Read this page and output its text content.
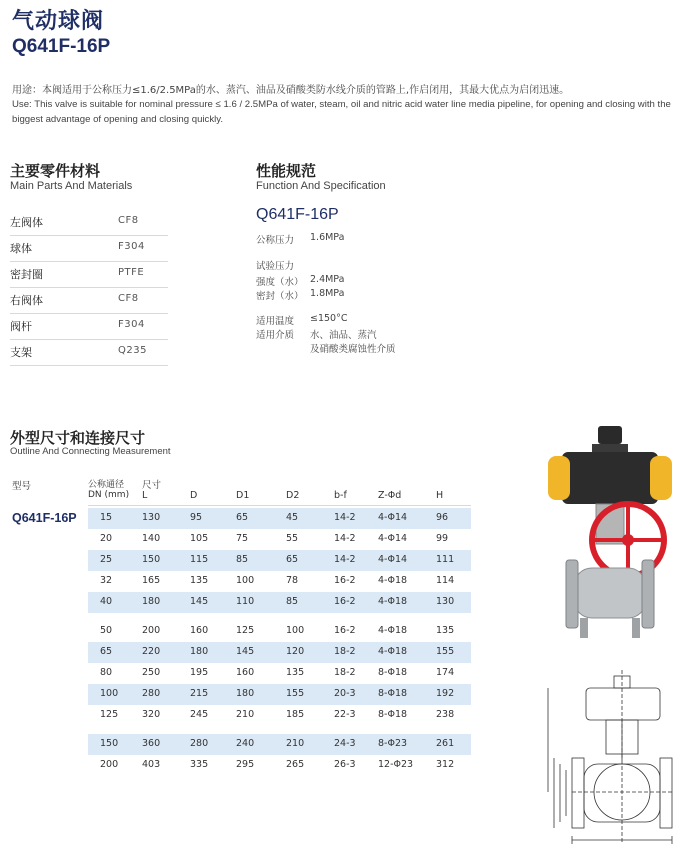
气动球阀
Q641F-16P
用途：本阀适用于公称压力≤1.6/2.5MPa的水、蒸汽、油品及硝酸类防水线介质的管路上,作启闭用，其最大优点为启闭迅速。
Use: This valve is suitable for nominal pressure ≤ 1.6 / 2.5MPa of water, steam, oil and nitric acid water line media pipeline, for opening and closing with the biggest advantage of opening and closing quickly.
主要零件材料
Main Parts And Materials
左阀体	CF8
球体	F304
密封圈	PTFE
右阀体	CF8
阀杆	F304
支架	Q235
性能规范
Function And Specification
Q641F-16P
公称压力 1.6MPa
试验压力
强度（水） 2.4MPa
密封（水） 1.8MPa
适用温度 ≤150°C
适用介质 水、油品、蒸汽
及硝酸类腐蚀性介质
外型尺寸和连接尺寸
Outline And Connecting Measurement
型号	公称通径
DN (mm)
尺寸
L	D	D1	D2	b-f	Z-Φd	H
Q641F-16P 15	130	95	65	45	14-2 4-Φ14	96
20	140	105	75	55	14-2 4-Φ14	99
25	150	115	85	65	14-2 4-Φ14	111
32	165	135	100	78	16-2 4-Φ18	114
40	180	145	110	85	16-2 4-Φ18	130
50	200	160	125	100	16-2 4-Φ18	135
65	220	180	145	120	18-2 4-Φ18	155
80	250	195	160	135	18-2 8-Φ18	174
100	280	215	180	155	20-3 8-Φ18	192
125	320	245	210	185	22-3 8-Φ18	238
150	360	280	240	210	24-3 8-Φ23	261
200	403	335	295	265	26-3 12-Φ23 312
